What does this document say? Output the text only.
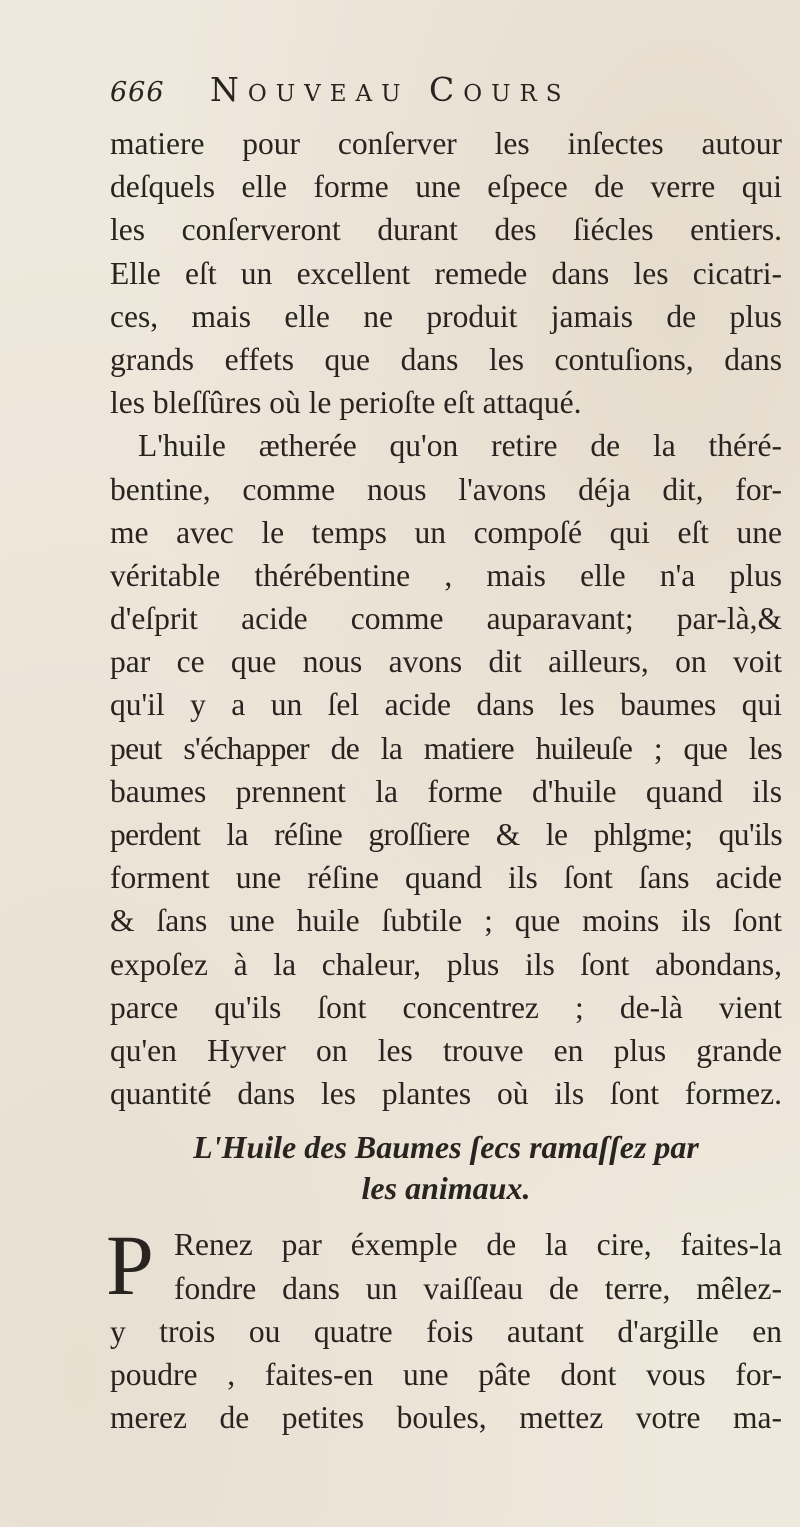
666	Nouveau Cours
matiere pour conſerver les inſectes autour
deſquels elle forme une eſpece de verre qui
les conſerveront durant des ſiécles entiers.
Elle eſt un excellent remede dans les cicatri-
ces, mais elle ne produit jamais de plus
grands effets que dans les contuſions, dans
les bleſſûres où le perioſte eſt attaqué.
L'huile ætherée qu'on retire de la théré-
bentine, comme nous l'avons déja dit, for-
me avec le temps un compoſé qui eſt une
véritable thérébentine , mais elle n'a plus
d'eſprit acide comme auparavant; par-là,&
par ce que nous avons dit ailleurs, on voit
qu'il y a un ſel acide dans les baumes qui
peut s'échapper de la matiere huileuſe ; que les
baumes prennent la forme d'huile quand ils
perdent la réſine groſſiere & le phlgme; qu'ils
forment une réſine quand ils ſont ſans acide
& ſans une huile ſubtile ; que moins ils ſont
expoſez à la chaleur, plus ils ſont abondans,
parce qu'ils ſont concentrez ; de-là vient
qu'en Hyver on les trouve en plus grande
quantité dans les plantes où ils ſont formez.
L'Huile des Baumes ſecs ramaſſez par
les animaux.
P Renez par éxemple de la cire, faites-la
fondre dans un vaiſſeau de terre, mêlez-
y trois ou quatre fois autant d'argille en
poudre , faites-en une pâte dont vous for-
merez de petites boules, mettez votre ma-
